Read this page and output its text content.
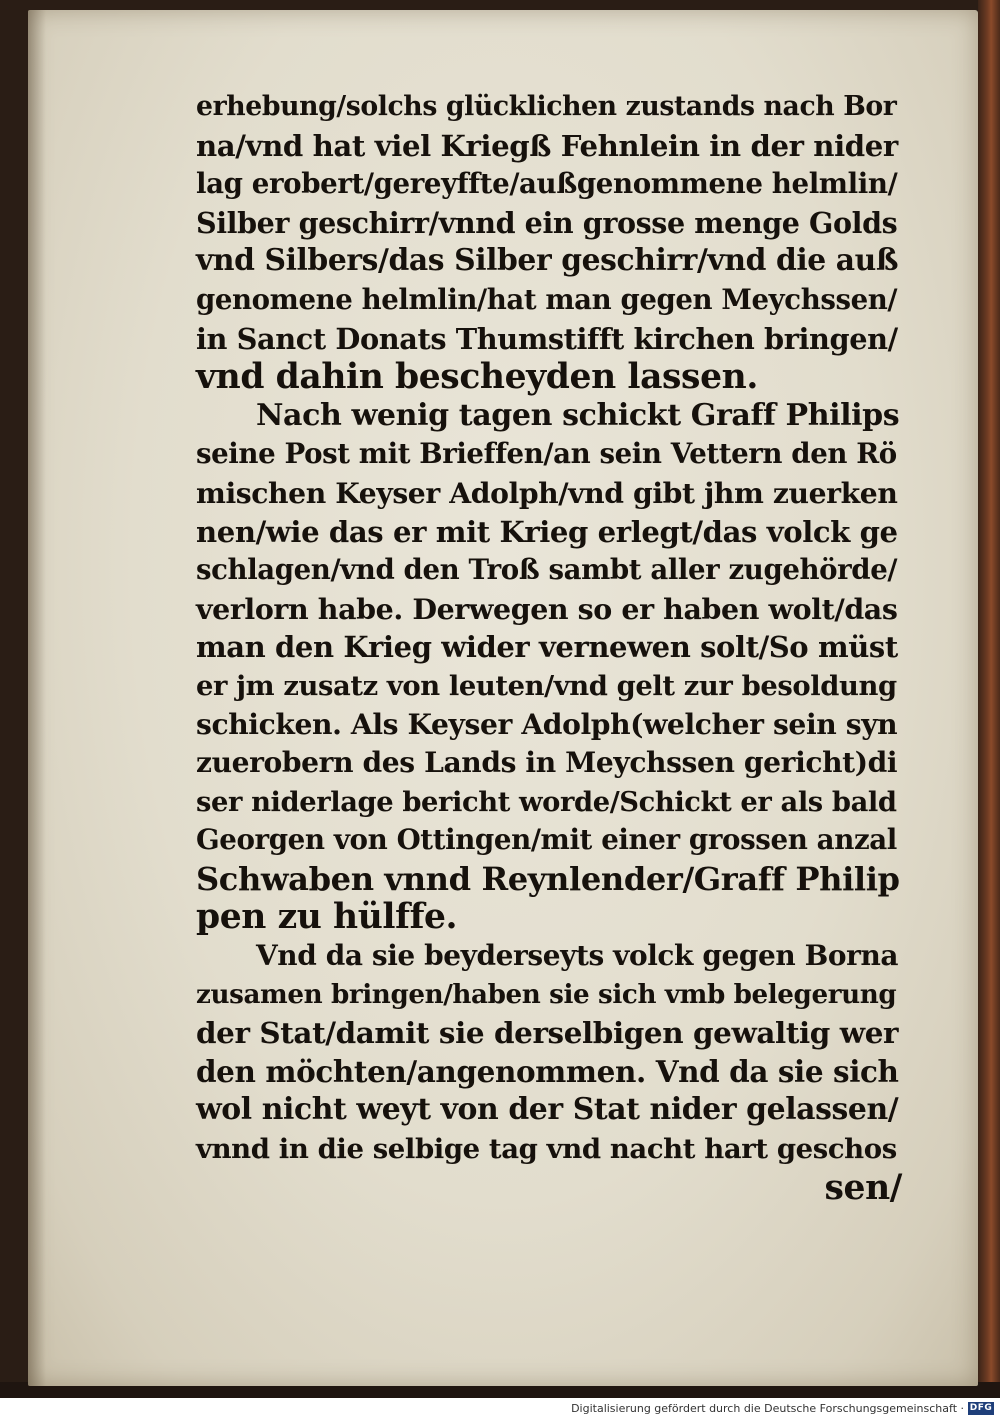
erhebung/solchs glücklichen zustands nach Bor
na/vnd hat viel Kriegß Fehnlein in der nider
lag erobert/gereyffte/außgenommene helmlin/
Silber geschirr/vnnd ein grosse menge Golds
vnd Silbers/das Silber geschirr/vnd die auß
genomene helmlin/hat man gegen Meychssen/
in Sanct Donats Thumstifft kirchen bringen/
vnd dahin bescheyden lassen.
Nach wenig tagen schickt Graff Philips
seine Post mit Brieffen/an sein Vettern den Rö
mischen Keyser Adolph/vnd gibt jhm zuerken
nen/wie das er mit Krieg erlegt/das volck ge
schlagen/vnd den Troß sambt aller zugehörde/
verlorn habe. Derwegen so er haben wolt/das
man den Krieg wider vernewen solt/So müst
er jm zusatz von leuten/vnd gelt zur besoldung
schicken. Als Keyser Adolph(welcher sein syn
zuerobern des Lands in Meychssen gericht)di
ser niderlage bericht worde/Schickt er als bald
Georgen von Ottingen/mit einer grossen anzal
Schwaben vnnd Reynlender/Graff Philip
pen zu hülffe.
Vnd da sie beyderseyts volck gegen Borna
zusamen bringen/haben sie sich vmb belegerung
der Stat/damit sie derselbigen gewaltig wer
den möchten/angenommen. Vnd da sie sich
wol nicht weyt von der Stat nider gelassen/
vnnd in die selbige tag vnd nacht hart geschos
sen/
Digitalisierung gefördert durch die Deutsche Forschungsgemeinschaft · DFG
